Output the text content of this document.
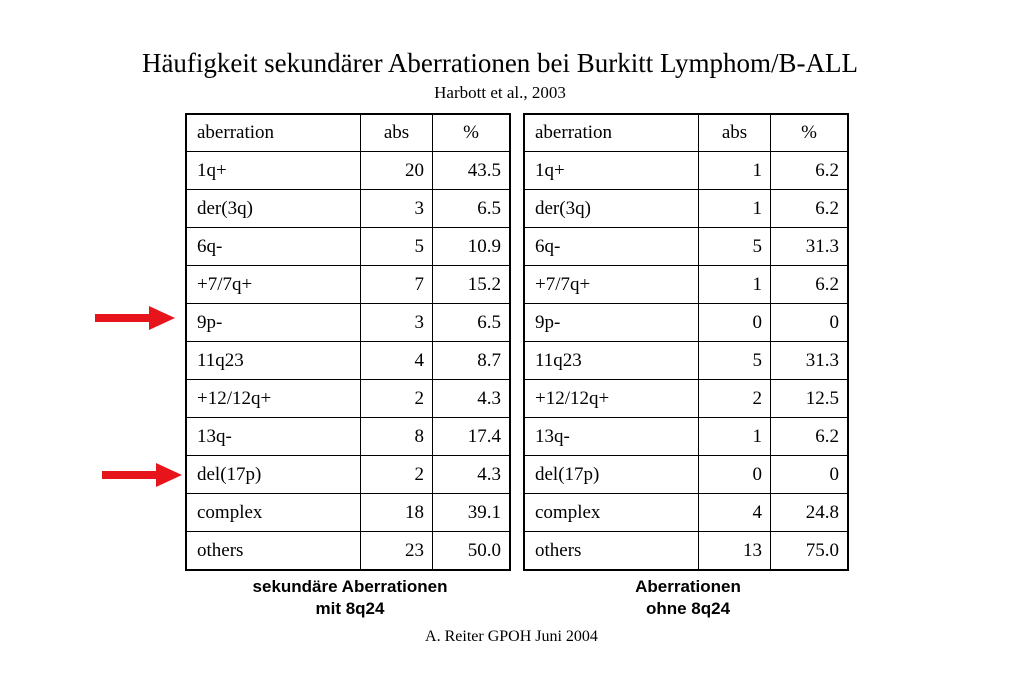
Häufigkeit sekundärer Aberrationen bei Burkitt Lymphom/B-ALL
Harbott et al., 2003
aberration	abs	%
1q+	20	43.5
der(3q)	3	6.5
6q-	5	10.9
+7/7q+	7	15.2
9p-	3	6.5
11q23	4	8.7
+12/12q+	2	4.3
13q-	8	17.4
del(17p)	2	4.3
complex	18	39.1
others	23	50.0
aberration	abs	%
1q+	1	6.2
der(3q)	1	6.2
6q-	5	31.3
+7/7q+	1	6.2
9p-	0	0
11q23	5	31.3
+12/12q+	2	12.5
13q-	1	6.2
del(17p)	0	0
complex	4	24.8
others	13	75.0
sekundäre Aberrationen
mit 8q24
Aberrationen
ohne 8q24
A. Reiter GPOH Juni 2004
